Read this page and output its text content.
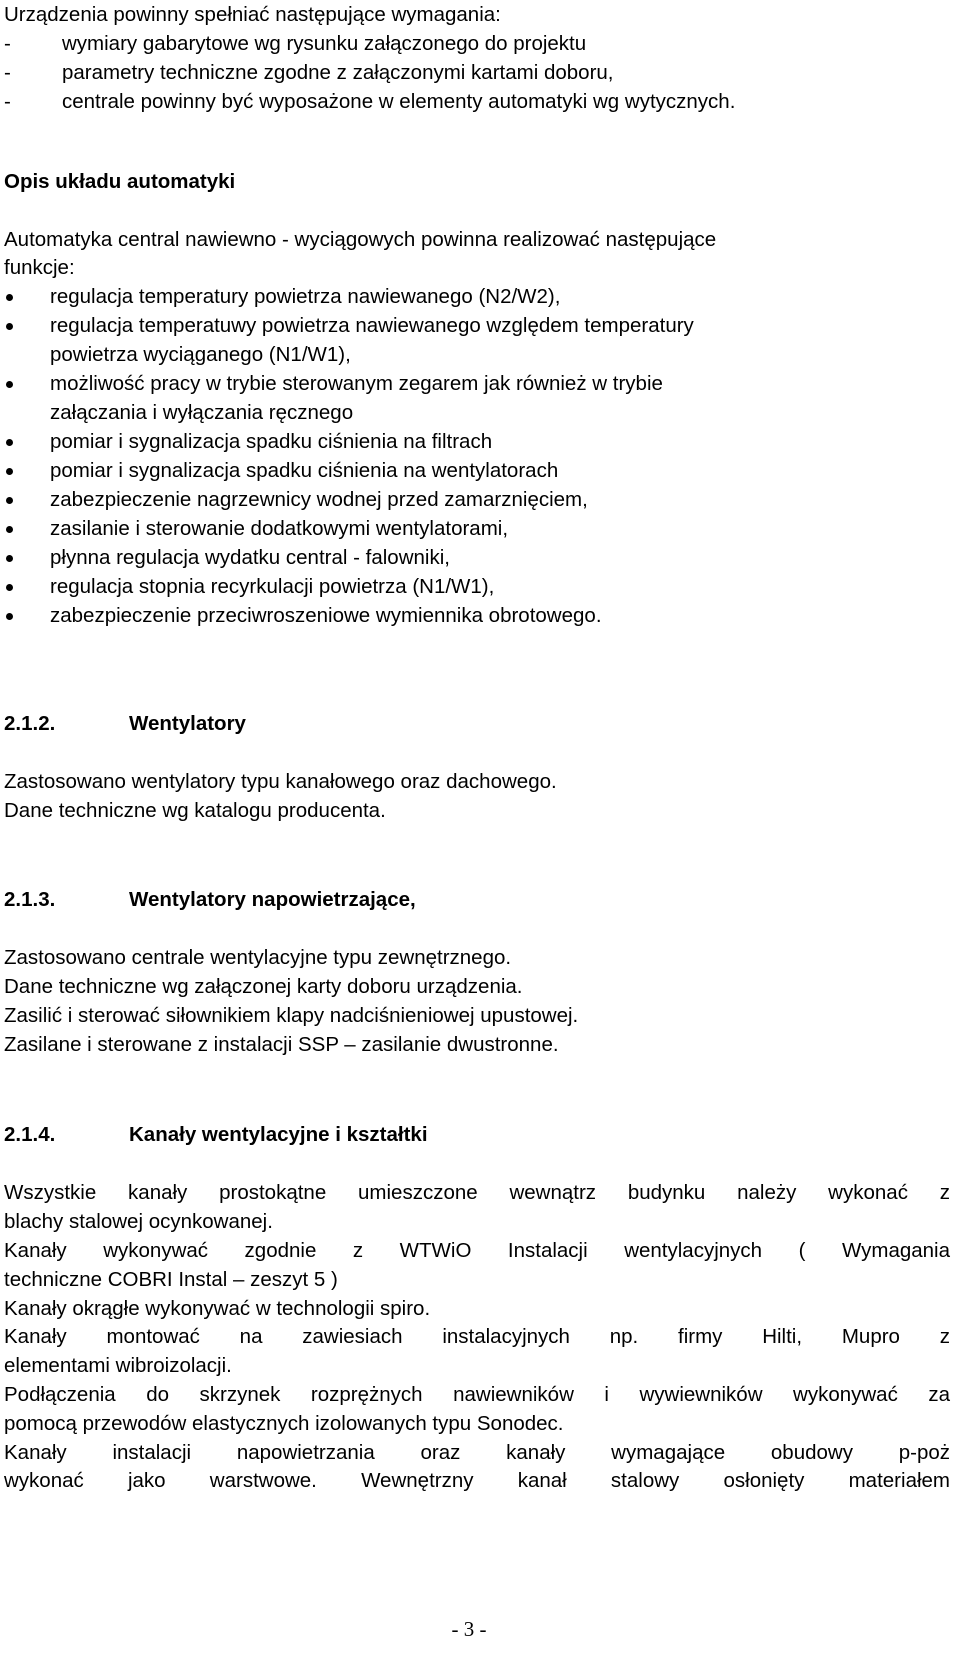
Urządzenia powinny spełniać następujące wymagania:
- wymiary gabarytowe wg rysunku załączonego do projektu
- parametry techniczne zgodne z załączonymi kartami doboru,
- centrale powinny być wyposażone w elementy automatyki wg wytycznych.
Opis układu automatyki
Automatyka central nawiewno - wyciągowych powinna realizować następujące
funkcje:
regulacja temperatury powietrza nawiewanego (N2/W2),
regulacja temperatuwy powietrza nawiewanego względem temperatury
powietrza wyciąganego (N1/W1),
możliwość pracy w trybie sterowanym zegarem jak również w trybie
załączania i wyłączania ręcznego
pomiar i sygnalizacja spadku ciśnienia na filtrach
pomiar i sygnalizacja spadku ciśnienia na wentylatorach
zabezpieczenie nagrzewnicy wodnej przed zamarznięciem,
zasilanie i sterowanie dodatkowymi wentylatorami,
płynna regulacja wydatku central - falowniki,
regulacja stopnia recyrkulacji powietrza (N1/W1),
zabezpieczenie przeciwroszeniowe wymiennika obrotowego.
2.1.2.	Wentylatory
Zastosowano wentylatory typu kanałowego oraz dachowego.
Dane techniczne wg katalogu producenta.
2.1.3.	Wentylatory napowietrzające,
Zastosowano centrale wentylacyjne typu zewnętrznego.
Dane techniczne wg załączonej karty doboru urządzenia.
Zasilić i sterować siłownikiem klapy nadciśnieniowej upustowej.
Zasilane i sterowane z instalacji SSP – zasilanie dwustronne.
2.1.4.	Kanały wentylacyjne i kształtki
Wszystkie kanały prostokątne umieszczone wewnątrz budynku należy wykonać z
blachy stalowej ocynkowanej.
Kanały wykonywać zgodnie z WTWiO Instalacji wentylacyjnych ( Wymagania
techniczne COBRI Instal – zeszyt 5 )
Kanały okrągłe wykonywać w technologii spiro.
Kanały montować na zawiesiach instalacyjnych np. firmy Hilti, Mupro z
elementami wibroizolacji.
Podłączenia do skrzynek rozprężnych nawiewników i wywiewników wykonywać za
pomocą przewodów elastycznych izolowanych typu Sonodec.
Kanały instalacji napowietrzania oraz kanały wymagające obudowy p-poż
wykonać jako warstwowe. Wewnętrzny kanał stalowy osłonięty materiałem
- 3 -
